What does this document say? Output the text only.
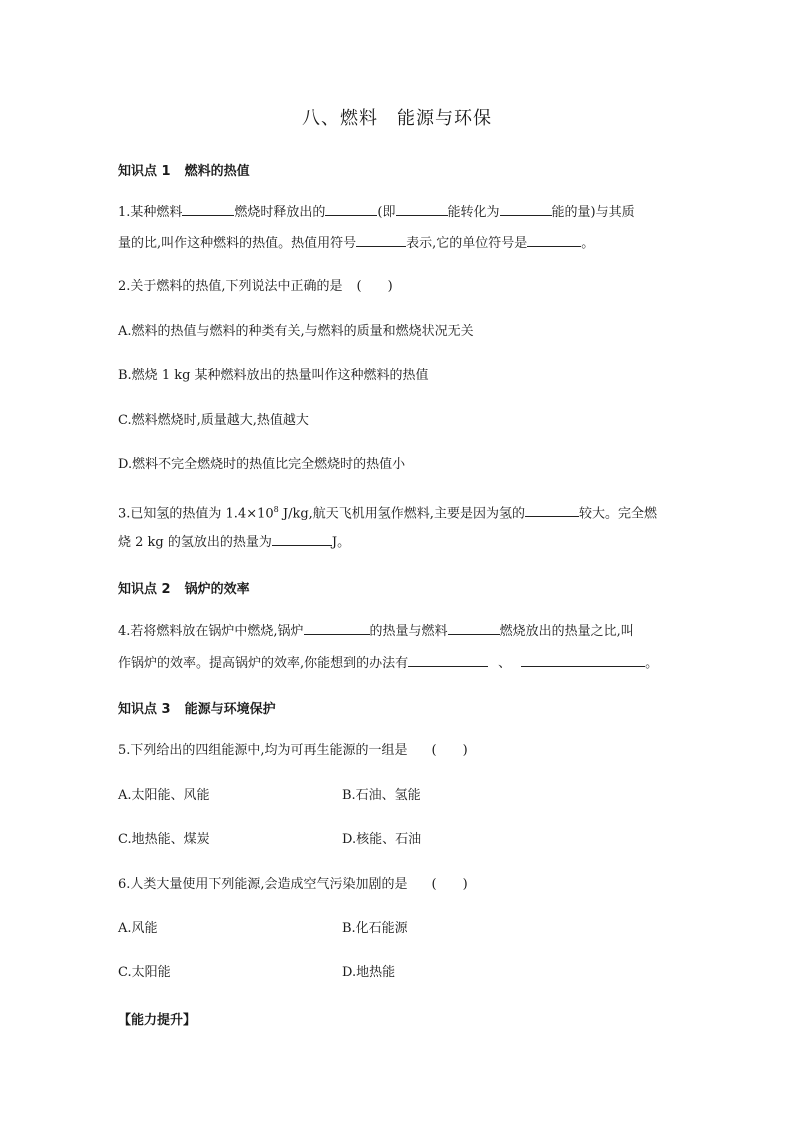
八、燃料　能源与环保
知识点 1 燃料的热值
1.某种燃料	燃烧时释放出的	(即	能转化为	能的量)与其质
量的比,叫作这种燃料的热值。热值用符号	表示,它的单位符号是	。
2.关于燃料的热值,下列说法中正确的是 (　　)
A.燃料的热值与燃料的种类有关,与燃料的质量和燃烧状况无关
B.燃烧 1 kg 某种燃料放出的热量叫作这种燃料的热值
C.燃料燃烧时,质量越大,热值越大
D.燃料不完全燃烧时的热值比完全燃烧时的热值小
3.已知氢的热值为 $1.4\times 10^8$ J/kg,航天飞机用氢作燃料,主要是因为氢的	较大。完全燃
烧 2 kg 的氢放出的热量为	J。
知识点 2 锅炉的效率
4.若将燃料放在锅炉中燃烧,锅炉	的热量与燃料	燃烧放出的热量之比,叫
作锅炉的效率。提高锅炉的效率,你能想到的办法有	、	。
知识点 3 能源与环境保护
5.下列给出的四组能源中,均为可再生能源的一组是 (　　)
A.太阳能、风能	B.石油、氢能
C.地热能、煤炭	D.核能、石油
6.人类大量使用下列能源,会造成空气污染加剧的是 (　　)
A.风能	B.化石能源
C.太阳能	D.地热能
【能力提升】
